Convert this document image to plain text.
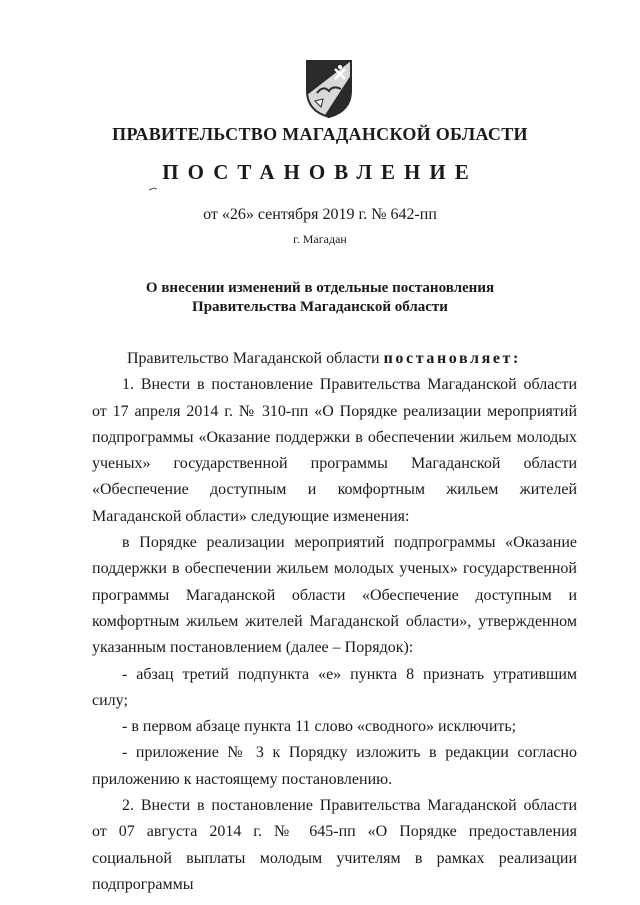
ПРАВИТЕЛЬСТВО МАГАДАНСКОЙ ОБЛАСТИ
ПОСТАНОВЛЕНИЕ
от «26» сентября 2019 г. № 642-пп
г. Магадан
О внесении изменений в отдельные постановления
Правительства Магаданской области

Правительство Магаданской области постановляет:

1. Внести в постановление Правительства Магаданской области от 17 апреля 2014 г. № 310-пп «О Порядке реализации мероприятий подпрограммы «Оказание поддержки в обеспечении жильем молодых ученых» государственной программы Магаданской области «Обеспечение доступным и комфортным жильем жителей Магаданской области» следующие изменения:

в Порядке реализации мероприятий подпрограммы «Оказание поддержки в обеспечении жильем молодых ученых» государственной программы Магаданской области «Обеспечение доступным и комфортным жильем жителей Магаданской области», утвержденном указанным постановлением (далее – Порядок):

- абзац третий подпункта «е» пункта 8 признать утратившим силу;

- в первом абзаце пункта 11 слово «сводного» исключить;

- приложение № 3 к Порядку изложить в редакции согласно приложению к настоящему постановлению.

2. Внести в постановление Правительства Магаданской области от 07 августа 2014 г. № 645-пп «О Порядке предоставления социальной выплаты молодым учителям в рамках реализации подпрограммы
